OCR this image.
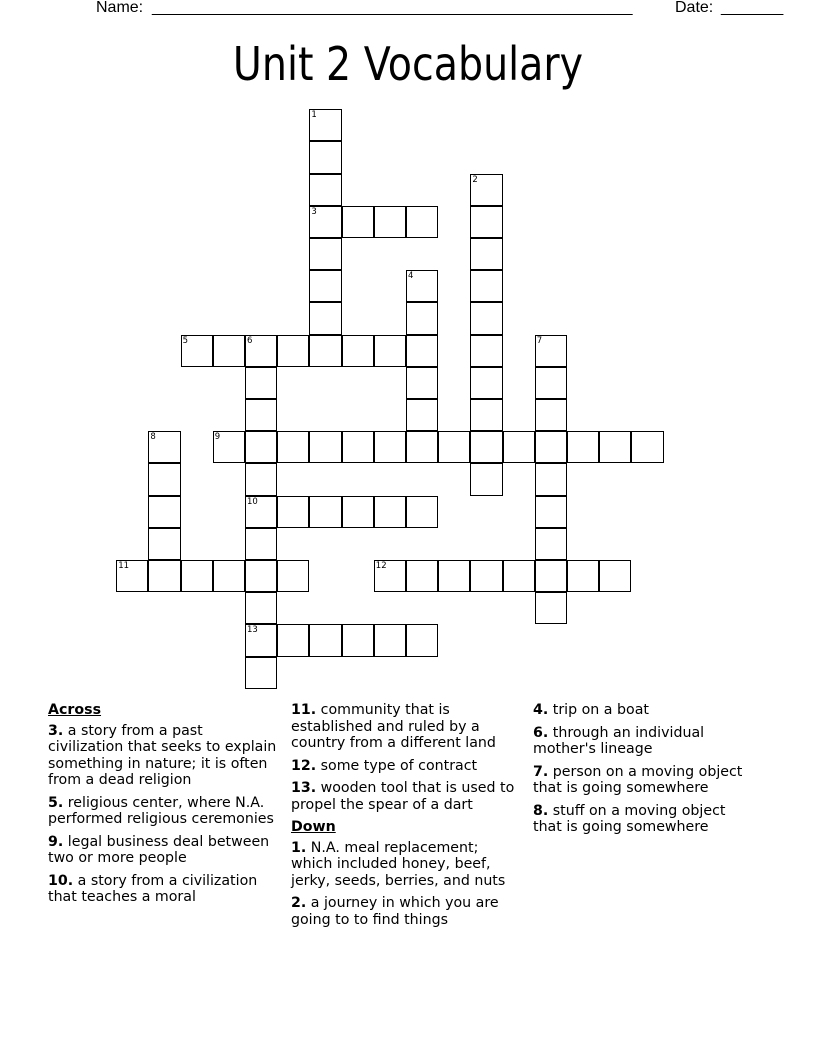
Name: ______________________________________________________	Date: _______
Unit 2 Vocabulary
1
3
2
4
5	6
10
13
7
8	9
11	12
Across
3. a story from a past civilization that seeks to explain something in nature; it is often from a dead religion
5. religious center, where N.A. performed religious ceremonies
9. legal business deal between two or more people
10. a story from a civilization that teaches a moral
11. community that is established and ruled by a country from a different land
12. some type of contract
13. wooden tool that is used to propel the spear of a dart
Down
1. N.A. meal replacement; which included honey, beef, jerky, seeds, berries, and nuts
2. a journey in which you are going to to find things
4. trip on a boat
6. through an individual mother's lineage
7. person on a moving object that is going somewhere
8. stuff on a moving object that is going somewhere
